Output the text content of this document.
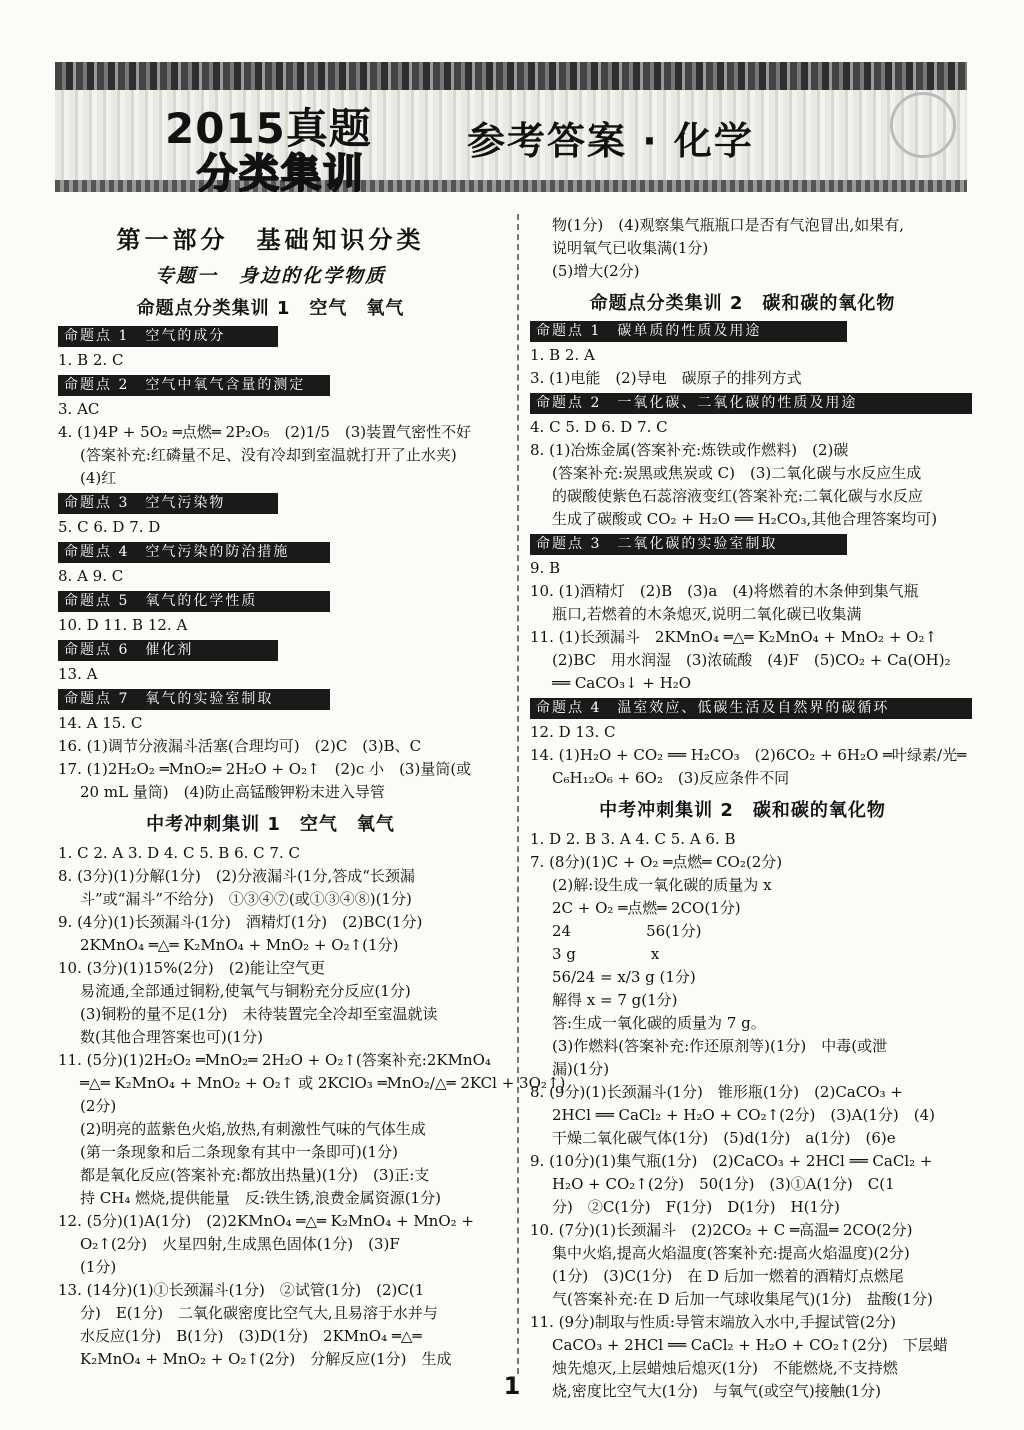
2015真题
分类集训
参考答案 · 化学
第一部分　基础知识分类
专题一　身边的化学物质
命题点分类集训 1　空气　氧气
命题点 1　空气的成分
1. B 2. C
命题点 2　空气中氧气含量的测定
3. AC
4. (1)4P + 5O₂ ═点燃═ 2P₂O₅　(2)1/5　(3)装置气密性不好
(答案补充:红磷量不足、没有冷却到室温就打开了止水夹)
(4)红
命题点 3　空气污染物
5. C 6. D 7. D
命题点 4　空气污染的防治措施
8. A 9. C
命题点 5　氧气的化学性质
10. D 11. B 12. A
命题点 6　催化剂
13. A
命题点 7　氧气的实验室制取
14. A 15. C
16. (1)调节分液漏斗活塞(合理均可)　(2)C　(3)B、C
17. (1)2H₂O₂ ═MnO₂═ 2H₂O + O₂↑　(2)c 小　(3)量筒(或
20 mL 量筒)　(4)防止高锰酸钾粉末进入导管
中考冲刺集训 1　空气　氧气
1. C 2. A 3. D 4. C 5. B 6. C 7. C
8. (3分)(1)分解(1分)　(2)分液漏斗(1分,答成“长颈漏
斗”或“漏斗”不给分)　①③④⑦(或①③④⑧)(1分)
9. (4分)(1)长颈漏斗(1分)　酒精灯(1分)　(2)BC(1分)
2KMnO₄ ═△═ K₂MnO₄ + MnO₂ + O₂↑(1分)
10. (3分)(1)15%(2分)　(2)能让空气更
易流通,全部通过铜粉,使氧气与铜粉充分反应(1分)
(3)铜粉的量不足(1分)　未待装置完全冷却至室温就读
数(其他合理答案也可)(1分)
11. (5分)(1)2H₂O₂ ═MnO₂═ 2H₂O + O₂↑(答案补充:2KMnO₄
═△═ K₂MnO₄ + MnO₂ + O₂↑ 或 2KClO₃ ═MnO₂/△═ 2KCl + 3O₂↑)
(2分)
(2)明亮的蓝紫色火焰,放热,有刺激性气味的气体生成
(第一条现象和后二条现象有其中一条即可)(1分)
都是氧化反应(答案补充:都放出热量)(1分)　(3)正:支
持 CH₄ 燃烧,提供能量　反:铁生锈,浪费金属资源(1分)
12. (5分)(1)A(1分)　(2)2KMnO₄ ═△═ K₂MnO₄ + MnO₂ +
O₂↑(2分)　火星四射,生成黑色固体(1分)　(3)F
(1分)
13. (14分)(1)①长颈漏斗(1分)　②试管(1分)　(2)C(1
分)　E(1分)　二氧化碳密度比空气大,且易溶于水并与
水反应(1分)　B(1分)　(3)D(1分)　2KMnO₄ ═△═
K₂MnO₄ + MnO₂ + O₂↑(2分)　分解反应(1分)　生成
物(1分)　(4)观察集气瓶瓶口是否有气泡冒出,如果有,
说明氧气已收集满(1分)
(5)增大(2分)
命题点分类集训 2　碳和碳的氧化物
命题点 1　碳单质的性质及用途
1. B 2. A
3. (1)电能　(2)导电　碳原子的排列方式
命题点 2　一氧化碳、二氧化碳的性质及用途
4. C 5. D 6. D 7. C
8. (1)冶炼金属(答案补充:炼铁或作燃料)　(2)碳
(答案补充:炭黑或焦炭或 C)　(3)二氧化碳与水反应生成
的碳酸使紫色石蕊溶液变红(答案补充:二氧化碳与水反应
生成了碳酸或 CO₂ + H₂O ══ H₂CO₃,其他合理答案均可)
命题点 3　二氧化碳的实验室制取
9. B
10. (1)酒精灯　(2)B　(3)a　(4)将燃着的木条伸到集气瓶
瓶口,若燃着的木条熄灭,说明二氧化碳已收集满
11. (1)长颈漏斗　2KMnO₄ ═△═ K₂MnO₄ + MnO₂ + O₂↑
(2)BC　用水润湿　(3)浓硫酸　(4)F　(5)CO₂ + Ca(OH)₂
══ CaCO₃↓ + H₂O
命题点 4　温室效应、低碳生活及自然界的碳循环
12. D 13. C
14. (1)H₂O + CO₂ ══ H₂CO₃　(2)6CO₂ + 6H₂O ═叶绿素/光═
C₆H₁₂O₆ + 6O₂　(3)反应条件不同
中考冲刺集训 2　碳和碳的氧化物
1. D 2. B 3. A 4. C 5. A 6. B
7. (8分)(1)C + O₂ ═点燃═ CO₂(2分)
(2)解:设生成一氧化碳的质量为 x
2C + O₂ ═点燃═ 2CO(1分)
24　　　　　56(1分)
3 g　　　　　x
56/24 = x/3 g (1分)
解得 x = 7 g(1分)
答:生成一氧化碳的质量为 7 g。
(3)作燃料(答案补充:作还原剂等)(1分)　中毒(或泄
漏)(1分)
8. (9分)(1)长颈漏斗(1分)　锥形瓶(1分)　(2)CaCO₃ +
2HCl ══ CaCl₂ + H₂O + CO₂↑(2分)　(3)A(1分)　(4)
干燥二氧化碳气体(1分)　(5)d(1分)　a(1分)　(6)e
9. (10分)(1)集气瓶(1分)　(2)CaCO₃ + 2HCl ══ CaCl₂ +
H₂O + CO₂↑(2分)　50(1分)　(3)①A(1分)　C(1
分)　②C(1分)　F(1分)　D(1分)　H(1分)
10. (7分)(1)长颈漏斗　(2)2CO₂ + C ═高温═ 2CO(2分)
集中火焰,提高火焰温度(答案补充:提高火焰温度)(2分)
(1分)　(3)C(1分)　在 D 后加一燃着的酒精灯点燃尾
气(答案补充:在 D 后加一气球收集尾气)(1分)　盐酸(1分)
11. (9分)制取与性质:导管末端放入水中,手握试管(2分)
CaCO₃ + 2HCl ══ CaCl₂ + H₂O + CO₂↑(2分)　下层蜡
烛先熄灭,上层蜡烛后熄灭(1分)　不能燃烧,不支持燃
烧,密度比空气大(1分)　与氧气(或空气)接触(1分)
1
